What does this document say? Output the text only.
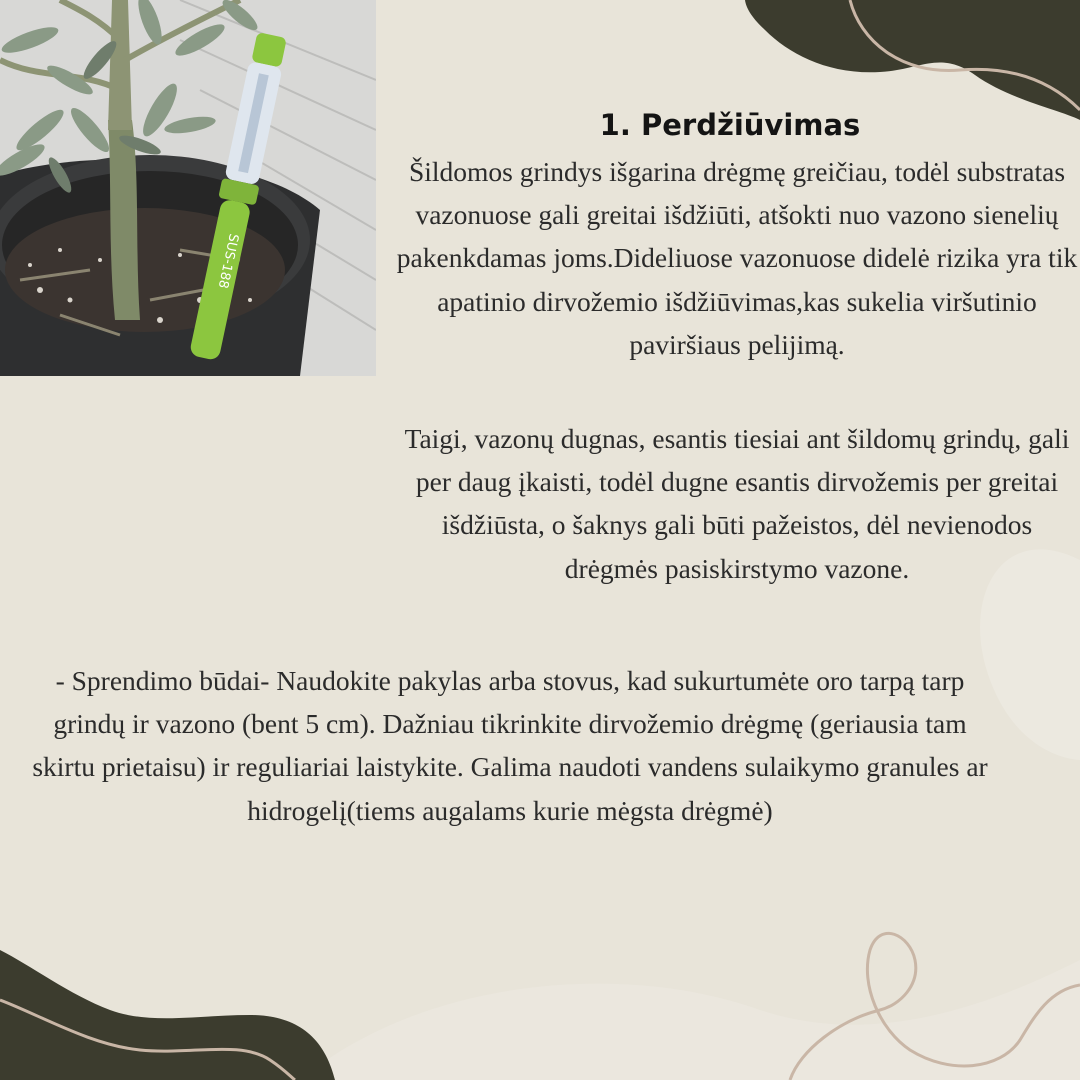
SUS-188
1. Perdžiūvimas

Šildomos grindys išgarina drėgmę greičiau, todėl substratas vazonuose gali greitai išdžiūti, atšokti nuo vazono sienelių pakenkdamas joms.Dideliuose vazonuose didelė rizika yra tik apatinio dirvožemio išdžiūvimas,kas sukelia viršutinio paviršiaus pelijimą.

Taigi, vazonų dugnas, esantis tiesiai ant šildomų grindų, gali per daug įkaisti, todėl dugne esantis dirvožemis per greitai išdžiūsta, o šaknys gali būti pažeistos, dėl nevienodos drėgmės pasiskirstymo vazone.

- Sprendimo būdai- Naudokite pakylas arba stovus, kad sukurtumėte oro tarpą tarp grindų ir vazono (bent 5 cm). Dažniau tikrinkite dirvožemio drėgmę (geriausia tam skirtu prietaisu) ir reguliariai laistykite. Galima naudoti vandens sulaikymo granules ar hidrogelį(tiems augalams kurie mėgsta drėgmė)
